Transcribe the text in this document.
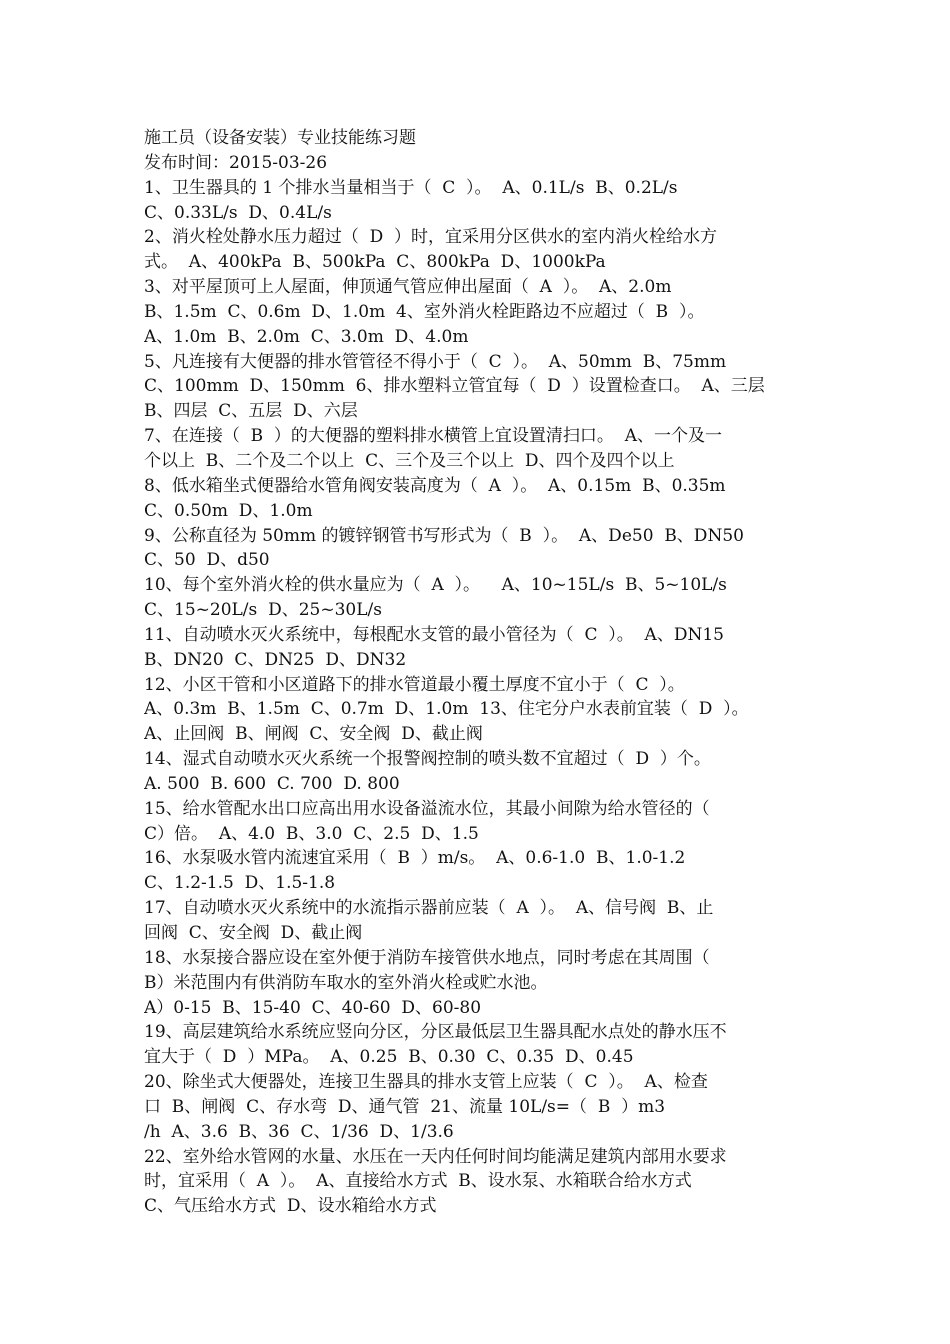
施工员（设备安装）专业技能练习题
发布时间：2015-03-26
1、卫生器具的 1 个排水当量相当于（  C  ）。  A、0.1L/s  B、0.2L/s
C、0.33L/s  D、0.4L/s
2、消火栓处静水压力超过（  D  ）时，宜采用分区供水的室内消火栓给水方
式。  A、400kPa  B、500kPa  C、800kPa  D、1000kPa
3、对平屋顶可上人屋面，伸顶通气管应伸出屋面（  A  ）。  A、2.0m
B、1.5m  C、0.6m  D、1.0m  4、室外消火栓距路边不应超过（  B  ）。
A、1.0m  B、2.0m  C、3.0m  D、4.0m
5、凡连接有大便器的排水管管径不得小于（  C  ）。  A、50mm  B、75mm
C、100mm  D、150mm  6、排水塑料立管宜每（  D  ）设置检查口。  A、三层
B、四层  C、五层  D、六层
7、在连接（  B  ）的大便器的塑料排水横管上宜设置清扫口。  A、一个及一
个以上  B、二个及二个以上  C、三个及三个以上  D、四个及四个以上
8、低水箱坐式便器给水管角阀安装高度为（  A  ）。  A、0.15m  B、0.35m
C、0.50m  D、1.0m
9、公称直径为 50mm 的镀锌钢管书写形式为（  B  ）。  A、De50  B、DN50
C、50  D、d50
10、每个室外消火栓的供水量应为（  A  ）。    A、10~15L/s  B、5~10L/s
C、15~20L/s  D、25~30L/s
11、自动喷水灭火系统中，每根配水支管的最小管径为（  C  ）。  A、DN15
B、DN20  C、DN25  D、DN32
12、小区干管和小区道路下的排水管道最小覆土厚度不宜小于（  C  ）。
A、0.3m  B、1.5m  C、0.7m  D、1.0m  13、住宅分户水表前宜装（  D  ）。
A、止回阀  B、闸阀  C、安全阀  D、截止阀
14、湿式自动喷水灭火系统一个报警阀控制的喷头数不宜超过（  D  ）个。
A. 500  B. 600  C. 700  D. 800
15、给水管配水出口应高出用水设备溢流水位，其最小间隙为给水管径的（
C）倍。  A、4.0  B、3.0  C、2.5  D、1.5
16、水泵吸水管内流速宜采用（  B  ）m/s。  A、0.6-1.0  B、1.0-1.2
C、1.2-1.5  D、1.5-1.8
17、自动喷水灭火系统中的水流指示器前应装（  A  ）。  A、信号阀  B、止
回阀  C、安全阀  D、截止阀
18、水泵接合器应设在室外便于消防车接管供水地点，同时考虑在其周围（
B）米范围内有供消防车取水的室外消火栓或贮水池。
A）0-15  B、15-40  C、40-60  D、60-80
19、高层建筑给水系统应竖向分区，分区最低层卫生器具配水点处的静水压不
宜大于（  D  ）MPa。  A、0.25  B、0.30  C、0.35  D、0.45
20、除坐式大便器处，连接卫生器具的排水支管上应装（  C  ）。  A、检查
口  B、闸阀  C、存水弯  D、通气管  21、流量 10L/s=（  B  ）m3
/h  A、3.6  B、36  C、1/36  D、1/3.6
22、室外给水管网的水量、水压在一天内任何时间均能满足建筑内部用水要求
时，宜采用（  A  ）。  A、直接给水方式  B、设水泵、水箱联合给水方式
C、气压给水方式  D、设水箱给水方式
